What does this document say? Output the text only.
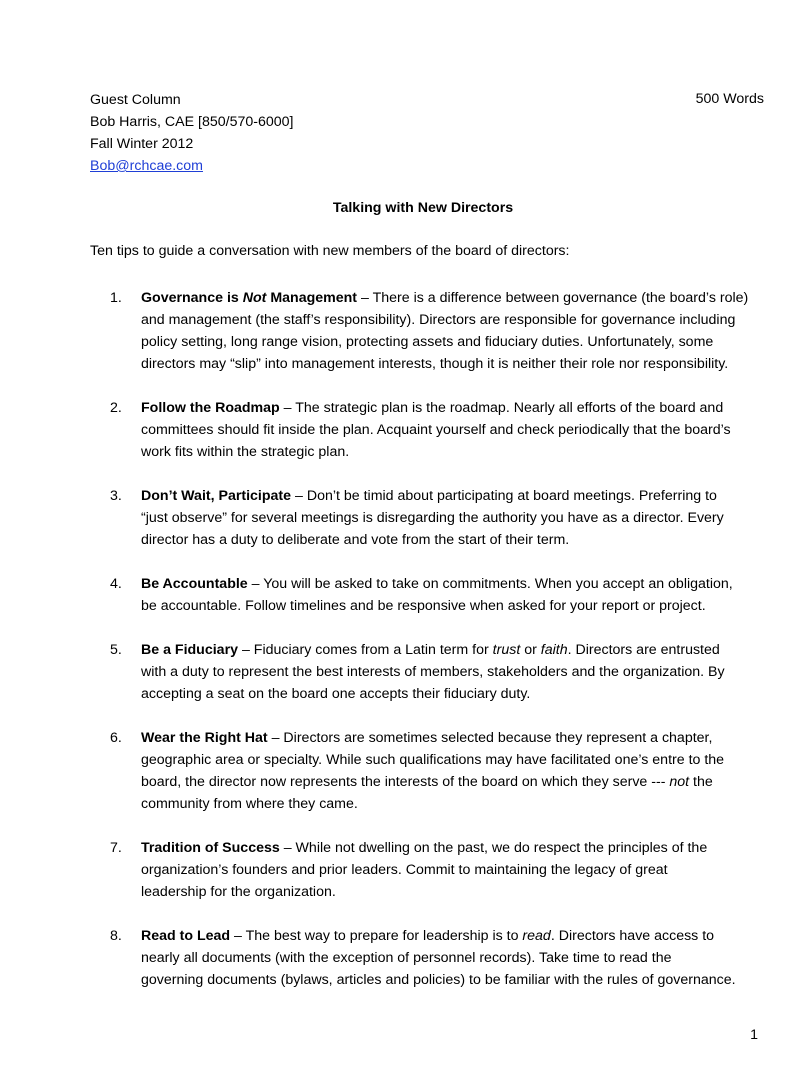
Guest Column
Bob Harris, CAE [850/570-6000]
Fall Winter 2012
Bob@rchcae.com
500 Words
Talking with New Directors
Ten tips to guide a conversation with new members of the board of directors:
1. Governance is Not Management – There is a difference between governance (the board’s role)
and management (the staff’s responsibility). Directors are responsible for governance including
policy setting, long range vision, protecting assets and fiduciary duties. Unfortunately, some
directors may “slip” into management interests, though it is neither their role nor responsibility.
2. Follow the Roadmap – The strategic plan is the roadmap. Nearly all efforts of the board and
committees should fit inside the plan. Acquaint yourself and check periodically that the board’s
work fits within the strategic plan.
3. Don’t Wait, Participate – Don’t be timid about participating at board meetings. Preferring to
“just observe” for several meetings is disregarding the authority you have as a director. Every
director has a duty to deliberate and vote from the start of their term.
4. Be Accountable – You will be asked to take on commitments. When you accept an obligation,
be accountable. Follow timelines and be responsive when asked for your report or project.
5. Be a Fiduciary – Fiduciary comes from a Latin term for trust or faith. Directors are entrusted
with a duty to represent the best interests of members, stakeholders and the organization. By
accepting a seat on the board one accepts their fiduciary duty.
6. Wear the Right Hat – Directors are sometimes selected because they represent a chapter,
geographic area or specialty. While such qualifications may have facilitated one’s entre to the
board, the director now represents the interests of the board on which they serve --- not the
community from where they came.
7. Tradition of Success – While not dwelling on the past, we do respect the principles of the
organization’s founders and prior leaders. Commit to maintaining the legacy of great
leadership for the organization.
8. Read to Lead – The best way to prepare for leadership is to read. Directors have access to
nearly all documents (with the exception of personnel records). Take time to read the
governing documents (bylaws, articles and policies) to be familiar with the rules of governance.
1
